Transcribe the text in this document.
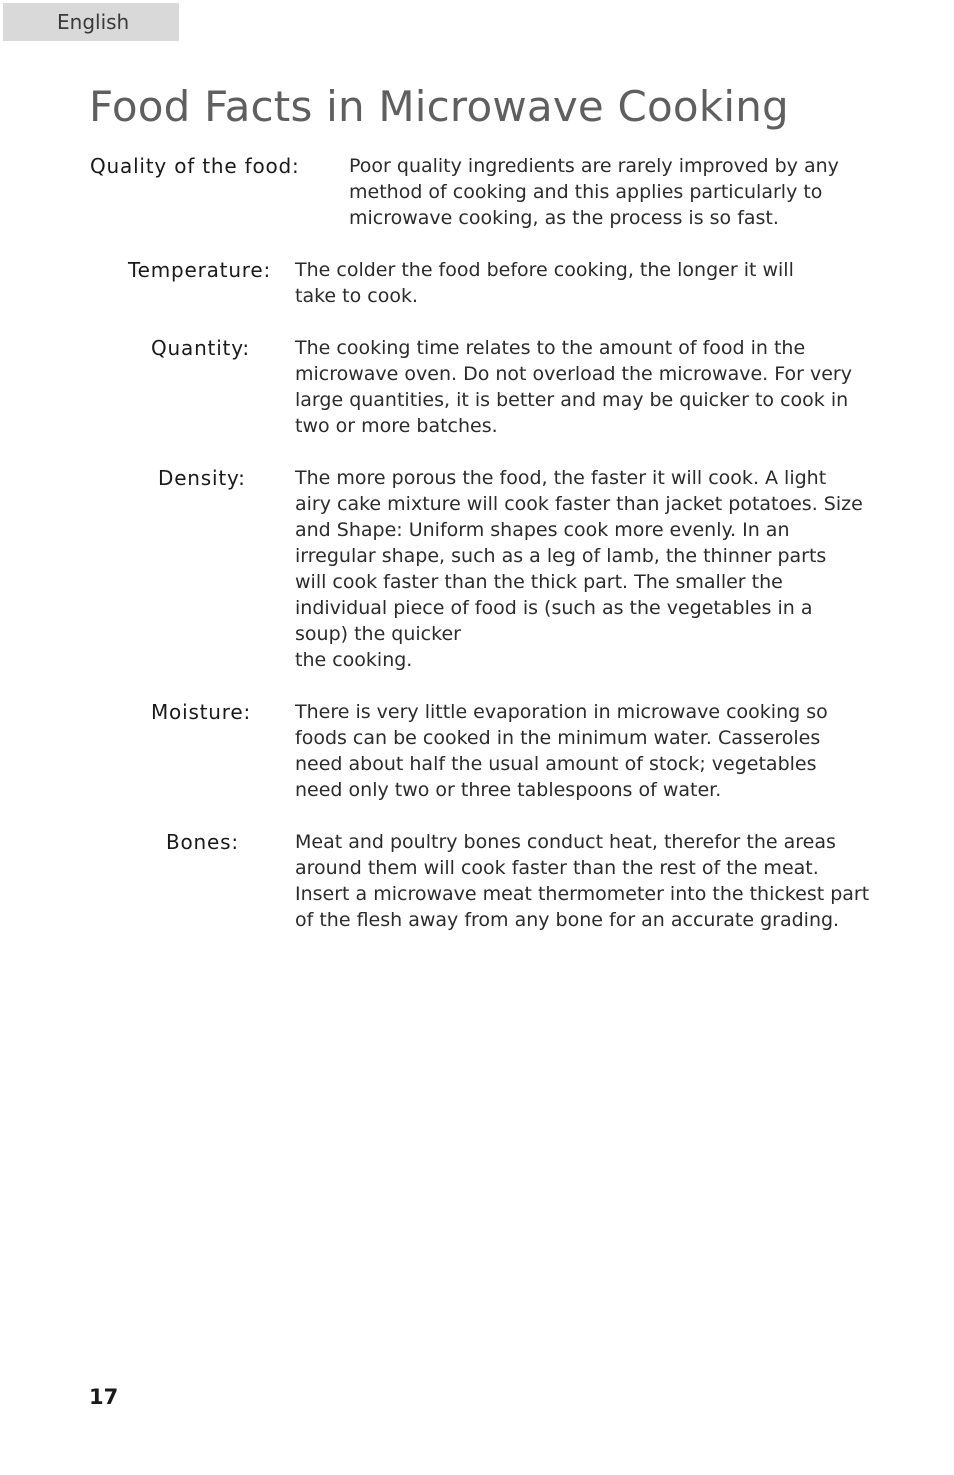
English
Food Facts in Microwave Cooking

Quality of the food:	Poor quality ingredients are rarely improved by any
method of cooking and this applies particularly to
microwave cooking, as the process is so fast.

Temperature: The colder the food before cooking, the longer it will
take to cook.

Quantity: The cooking time relates to the amount of food in the
microwave oven. Do not overload the microwave. For very
large quantities, it is better and may be quicker to cook in
two or more batches.

Density:	The more porous the food, the faster it will cook. A light
airy cake mixture will cook faster than jacket potatoes. Size
and Shape: Uniform shapes cook more evenly. In an
irregular shape, such as a leg of lamb, the thinner parts
will cook faster than the thick part. The smaller the
individual piece of food is (such as the vegetables in a
soup) the quicker
the cooking.

Moisture: There is very little evaporation in microwave cooking so
foods can be cooked in the minimum water. Casseroles
need about half the usual amount of stock; vegetables
need only two or three tablespoons of water.

Bones:	Meat and poultry bones conduct heat, therefor the areas
around them will cook faster than the rest of the meat.
Insert a microwave meat thermometer into the thickest part
of the flesh away from any bone for an accurate grading.

17
